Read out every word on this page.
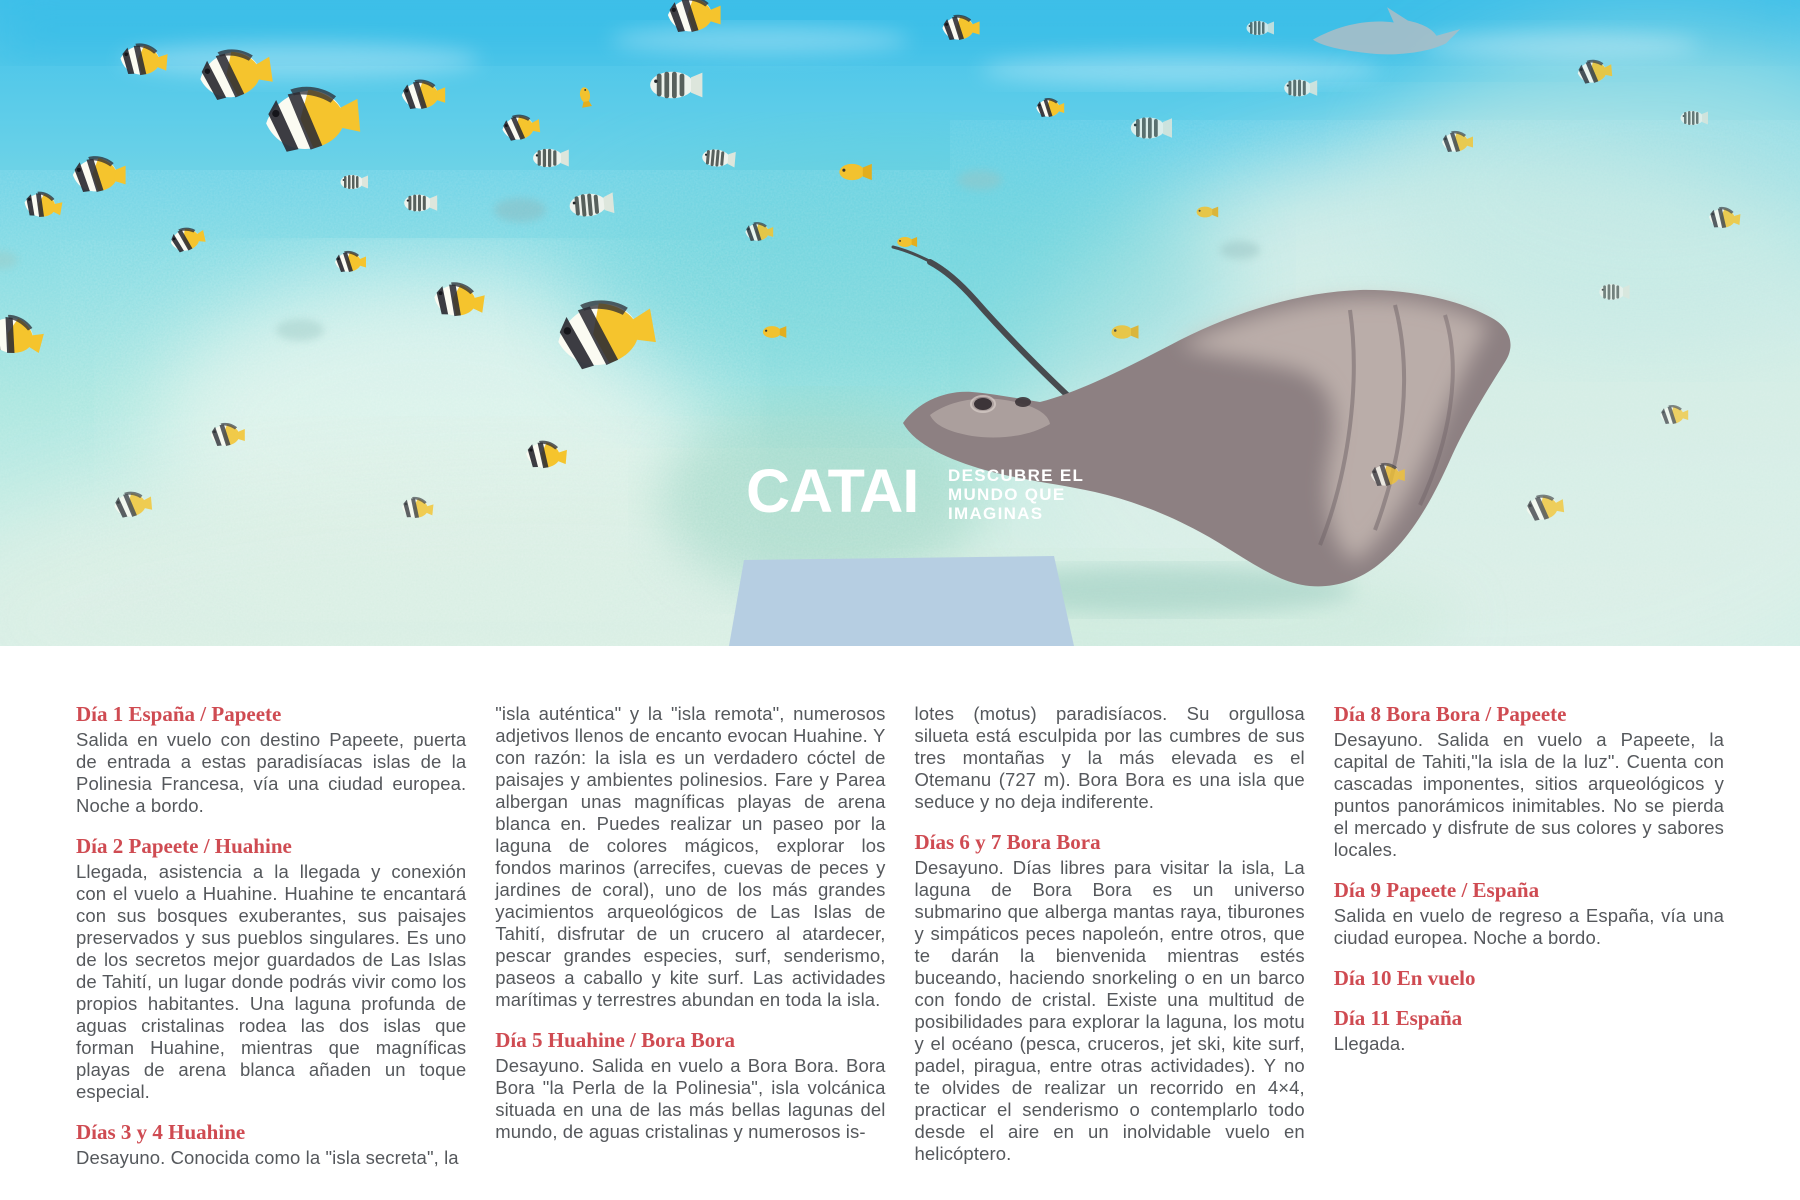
CATAI DESCUBRE EL
MUNDO QUE
IMAGINAS
Día 1 España / Papeete
Salida en vuelo con destino Papeete, puerta de entrada a estas paradisíacas islas de la Polinesia Francesa, vía una ciudad europea. Noche a bordo.
Día 2 Papeete / Huahine
Llegada, asistencia a la llegada y conexión con el vuelo a Huahine. Huahine te encantará con sus bosques exuberantes, sus paisajes preservados y sus pueblos singulares. Es uno de los secretos mejor guardados de Las Islas de Tahití, un lugar donde podrás vivir como los propios habitantes. Una laguna profunda de aguas cristalinas rodea las dos islas que forman Huahine, mientras que magníficas playas de arena blanca añaden un toque especial.
Días 3 y 4 Huahine
Desayuno. Conocida como la "isla secreta", la
"isla auténtica" y la "isla remota", numerosos adjetivos llenos de encanto evocan Huahine. Y con razón: la isla es un verdadero cóctel de paisajes y ambientes polinesios. Fare y Parea albergan unas magníficas playas de arena blanca en. Puedes realizar un paseo por la laguna de colores mágicos, explorar los fondos marinos (arrecifes, cuevas de peces y jardines de coral), uno de los más grandes yacimientos arqueológicos de Las Islas de Tahití, disfrutar de un crucero al atardecer, pescar grandes especies, surf, senderismo, paseos a caballo y kite surf. Las actividades marítimas y terrestres abundan en toda la isla.
Día 5 Huahine / Bora Bora
Desayuno. Salida en vuelo a Bora Bora. Bora Bora "la Perla de la Polinesia", isla volcánica situada en una de las más bellas lagunas del mundo, de aguas cristalinas y numerosos is-
lotes (motus) paradisíacos. Su orgullosa silueta está esculpida por las cumbres de sus tres montañas y la más elevada es el Otemanu (727 m). Bora Bora es una isla que seduce y no deja indiferente.
Días 6 y 7 Bora Bora
Desayuno. Días libres para visitar la isla, La laguna de Bora Bora es un universo submarino que alberga mantas raya, tiburones y simpáticos peces napoleón, entre otros, que te darán la bienvenida mientras estés buceando, haciendo snorkeling o en un barco con fondo de cristal. Existe una multitud de posibilidades para explorar la laguna, los motu y el océano (pesca, cruceros, jet ski, kite surf, padel, piragua, entre otras actividades). Y no te olvides de realizar un recorrido en 4×4, practicar el senderismo o contemplarlo todo desde el aire en un inolvidable vuelo en helicóptero.
Día 8 Bora Bora / Papeete
Desayuno. Salida en vuelo a Papeete, la capital de Tahiti,"la isla de la luz". Cuenta con cascadas imponentes, sitios arqueológicos y puntos panorámicos inimitables. No se pierda el mercado y disfrute de sus colores y sabores locales.
Día 9 Papeete / España
Salida en vuelo de regreso a España, vía una ciudad europea. Noche a bordo.
Día 10 En vuelo
Día 11 España
Llegada.
